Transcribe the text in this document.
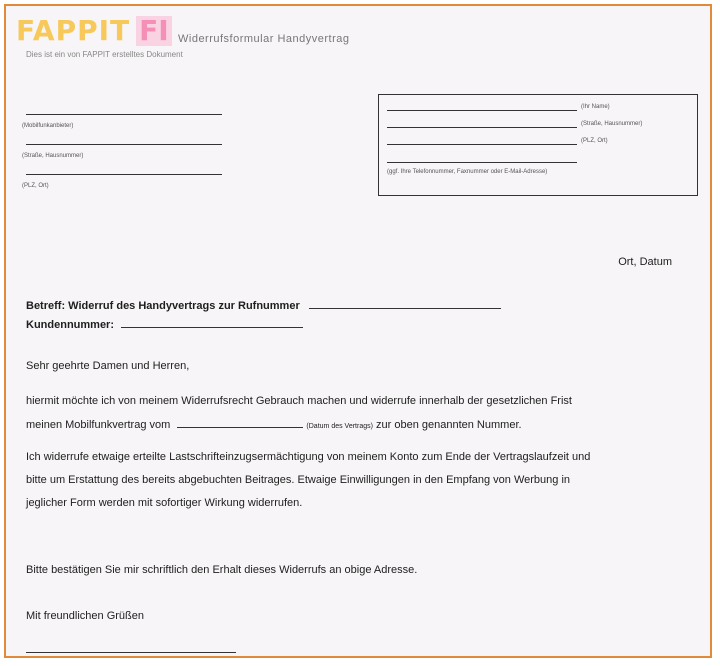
FAPPIT FI Widerrufsformular Handyvertrag
Dies ist ein von FAPPIT erstelltes Dokument
(Mobilfunkanbieter)
(Straße, Hausnummer)
(PLZ, Ort)
(Ihr Name)
(Straße, Hausnummer)
(PLZ, Ort)
(ggf. Ihre Telefonnummer, Faxnummer oder E-Mail-Adresse)
Ort, Datum
Betreff: Widerruf des Handyvertrags zur Rufnummer
Kundennummer:
Sehr geehrte Damen und Herren,
hiermit möchte ich von meinem Widerrufsrecht Gebrauch machen und widerrufe innerhalb der gesetzlichen Frist
meinen Mobilfunkvertrag vom	(Datum des Vertrags) zur oben genannten Nummer.
Ich widerrufe etwaige erteilte Lastschrifteinzugsermächtigung von meinem Konto zum Ende der Vertragslaufzeit und
bitte um Erstattung des bereits abgebuchten Beitrages. Etwaige Einwilligungen in den Empfang von Werbung in
jeglicher Form werden mit sofortiger Wirkung widerrufen.
Bitte bestätigen Sie mir schriftlich den Erhalt dieses Widerrufs an obige Adresse.
Mit freundlichen Grüßen
